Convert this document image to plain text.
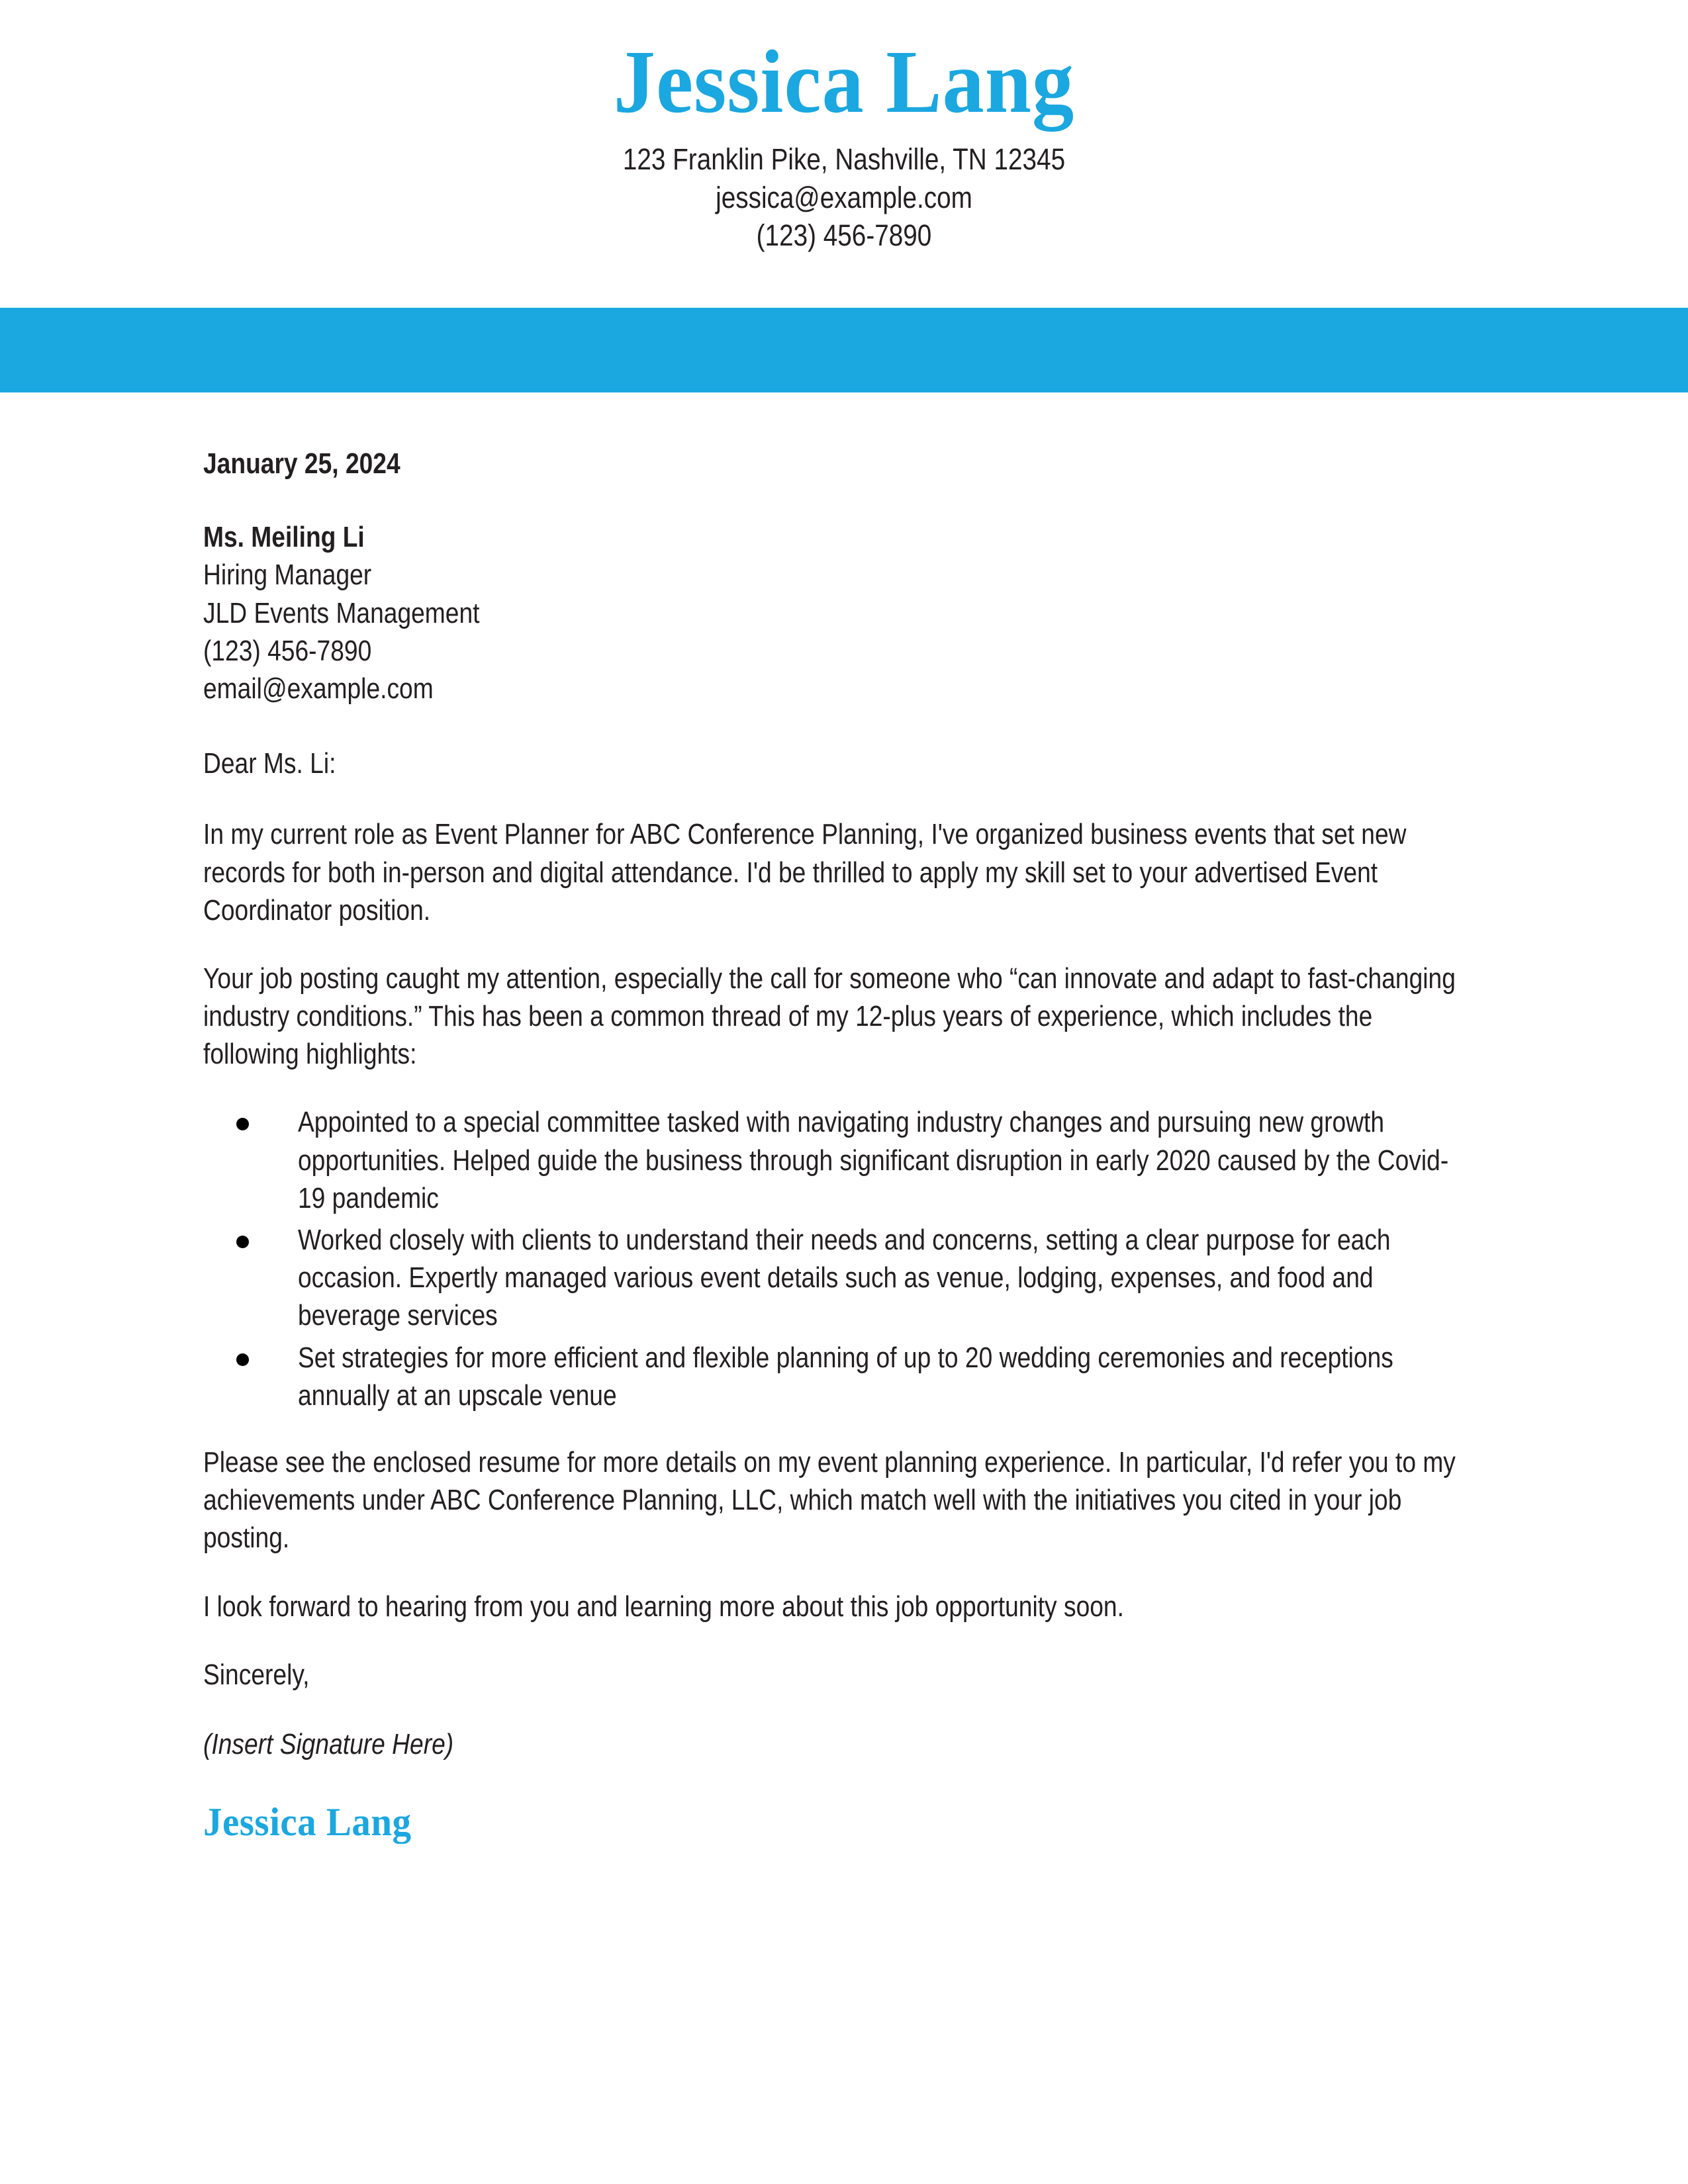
Jessica Lang
123 Franklin Pike, Nashville, TN 12345
jessica@example.com
(123) 456-7890

January 25, 2024

Ms. Meiling Li
Hiring Manager
JLD Events Management
(123) 456-7890
email@example.com

Dear Ms. Li:

In my current role as Event Planner for ABC Conference Planning, I've organized business events that set new records for both in-person and digital attendance. I'd be thrilled to apply my skill set to your advertised Event Coordinator position.

Your job posting caught my attention, especially the call for someone who “can innovate and adapt to fast-changing industry conditions.” This has been a common thread of my 12-plus years of experience, which includes the following highlights:

Appointed to a special committee tasked with navigating industry changes and pursuing new growth opportunities. Helped guide the business through significant disruption in early 2020 caused by the Covid-19 pandemic
Worked closely with clients to understand their needs and concerns, setting a clear purpose for each occasion. Expertly managed various event details such as venue, lodging, expenses, and food and beverage services
Set strategies for more efficient and flexible planning of up to 20 wedding ceremonies and receptions annually at an upscale venue

Please see the enclosed resume for more details on my event planning experience. In particular, I'd refer you to my achievements under ABC Conference Planning, LLC, which match well with the initiatives you cited in your job posting.

I look forward to hearing from you and learning more about this job opportunity soon.

Sincerely,

(Insert Signature Here)

Jessica Lang
